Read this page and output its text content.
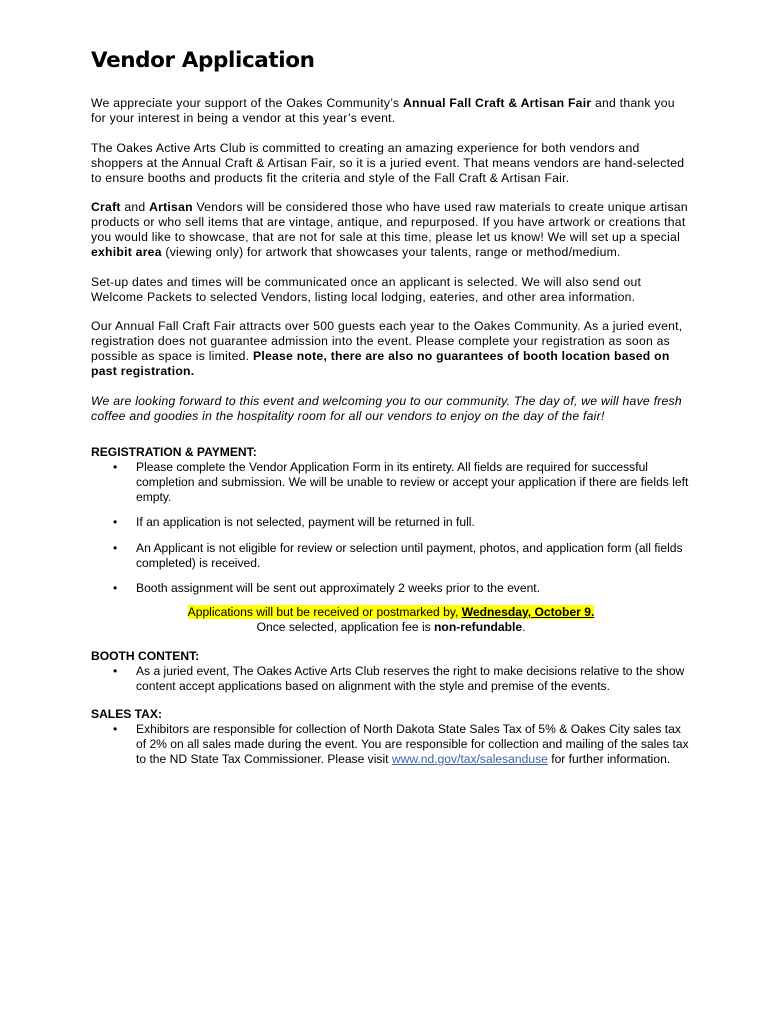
Vendor Application

We appreciate your support of the Oakes Community’s Annual Fall Craft & Artisan Fair and thank you for your interest in being a vendor at this year’s event.

The Oakes Active Arts Club is committed to creating an amazing experience for both vendors and shoppers at the Annual Craft & Artisan Fair, so it is a juried event. That means vendors are hand-selected to ensure booths and products fit the criteria and style of the Fall Craft & Artisan Fair.

Craft and Artisan Vendors will be considered those who have used raw materials to create unique artisan products or who sell items that are vintage, antique, and repurposed. If you have artwork or creations that you would like to showcase, that are not for sale at this time, please let us know! We will set up a special exhibit area (viewing only) for artwork that showcases your talents, range or method/medium.

Set-up dates and times will be communicated once an applicant is selected. We will also send out Welcome Packets to selected Vendors, listing local lodging, eateries, and other area information.

Our Annual Fall Craft Fair attracts over 500 guests each year to the Oakes Community. As a juried event, registration does not guarantee admission into the event. Please complete your registration as soon as possible as space is limited. Please note, there are also no guarantees of booth location based on past registration.

We are looking forward to this event and welcoming you to our community. The day of, we will have fresh coffee and goodies in the hospitality room for all our vendors to enjoy on the day of the fair!

REGISTRATION & PAYMENT:

• Please complete the Vendor Application Form in its entirety. All fields are required for successful completion and submission. We will be unable to review or accept your application if there are fields left empty.
• If an application is not selected, payment will be returned in full.
• An Applicant is not eligible for review or selection until payment, photos, and application form (all fields completed) is received.
• Booth assignment will be sent out approximately 2 weeks prior to the event.
Applications will but be received or postmarked by, Wednesday, October 9.
Once selected, application fee is non-refundable.

BOOTH CONTENT:

• As a juried event, The Oakes Active Arts Club reserves the right to make decisions relative to the show content accept applications based on alignment with the style and premise of the events.

SALES TAX:

• Exhibitors are responsible for collection of North Dakota State Sales Tax of 5% & Oakes City sales tax of 2% on all sales made during the event. You are responsible for collection and mailing of the sales tax to the ND State Tax Commissioner. Please visit www.nd.gov/tax/salesanduse for further information.
